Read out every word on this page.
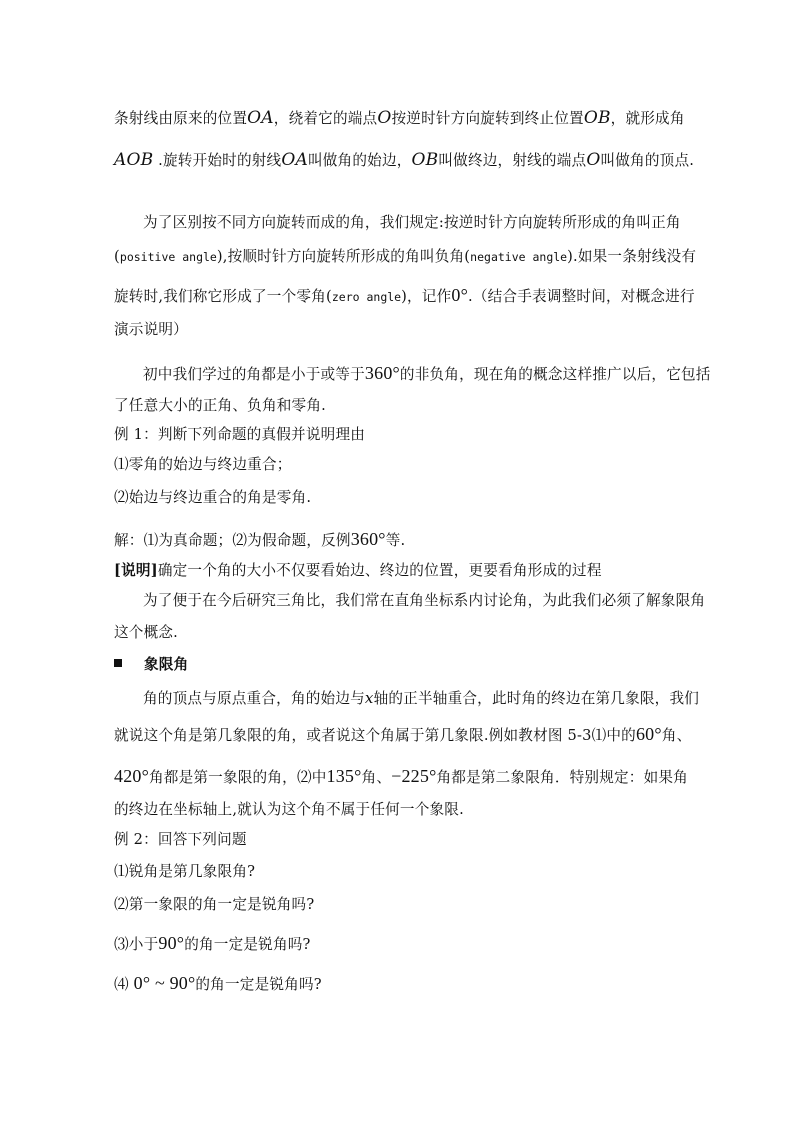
条射线由原来的位置OA，绕着它的端点O按逆时针方向旋转到终止位置OB，就形成角
AOB .旋转开始时的射线OA叫做角的始边，OB叫做终边，射线的端点O叫做角的顶点.
为了区别按不同方向旋转而成的角，我们规定:按逆时针方向旋转所形成的角叫正角
(positive angle),按顺时针方向旋转所形成的角叫负角(negative angle).如果一条射线没有
旋转时,我们称它形成了一个零角(zero angle)，记作0°.（结合手表调整时间，对概念进行
演示说明）
初中我们学过的角都是小于或等于360°的非负角，现在角的概念这样推广以后，它包括
了任意大小的正角、负角和零角.
例 1：判断下列命题的真假并说明理由
⑴零角的始边与终边重合；
⑵始边与终边重合的角是零角.
解：⑴为真命题；⑵为假命题，反例360°等.
[说明]确定一个角的大小不仅要看始边、终边的位置，更要看角形成的过程
为了便于在今后研究三角比，我们常在直角坐标系内讨论角，为此我们必须了解象限角
这个概念.
象限角
角的顶点与原点重合，角的始边与x轴的正半轴重合，此时角的终边在第几象限，我们
就说这个角是第几象限的角，或者说这个角属于第几象限.例如教材图 5-3⑴中的60°角、
420°角都是第一象限的角，⑵中135°角、−225°角都是第二象限角．特别规定：如果角
的终边在坐标轴上,就认为这个角不属于任何一个象限.
例 2：回答下列问题
⑴锐角是第几象限角?
⑵第一象限的角一定是锐角吗?
⑶小于90°的角一定是锐角吗?
⑷ 0° ~ 90°的角一定是锐角吗?
